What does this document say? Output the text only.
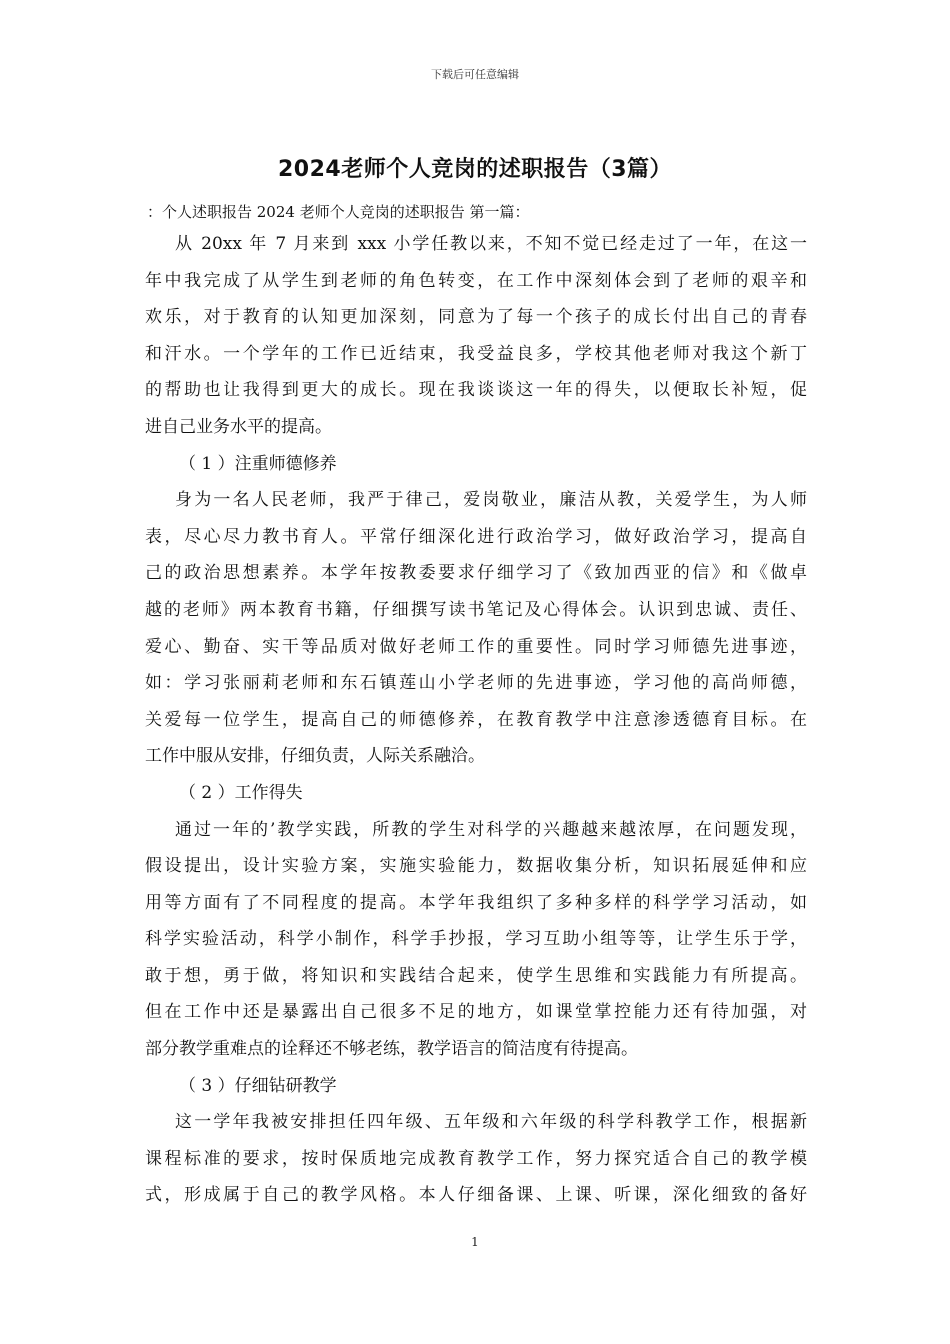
下载后可任意编辑
2024老师个人竞岗的述职报告（3篇）
：个人述职报告 2024 老师个人竞岗的述职报告 第一篇：
从 20xx 年 7 月来到 xxx 小学任教以来，不知不觉已经走过了一年，在这一
年中我完成了从学生到老师的角色转变，在工作中深刻体会到了老师的艰辛和
欢乐，对于教育的认知更加深刻，同意为了每一个孩子的成长付出自己的青春
和汗水。一个学年的工作已近结束，我受益良多，学校其他老师对我这个新丁
的帮助也让我得到更大的成长。现在我谈谈这一年的得失，以便取长补短，促
进自己业务水平的提高。
（ 1 ）注重师德修养
身为一名人民老师，我严于律己，爱岗敬业，廉洁从教，关爱学生，为人师
表，尽心尽力教书育人。平常仔细深化进行政治学习，做好政治学习，提高自
己的政治思想素养。本学年按教委要求仔细学习了《致加西亚的信》和《做卓
越的老师》两本教育书籍，仔细撰写读书笔记及心得体会。认识到忠诚、责任、
爱心、勤奋、实干等品质对做好老师工作的重要性。同时学习师德先进事迹，
如：学习张丽莉老师和东石镇莲山小学老师的先进事迹，学习他的高尚师德，
关爱每一位学生，提高自己的师德修养，在教育教学中注意渗透德育目标。在
工作中服从安排，仔细负责，人际关系融洽。
（ 2 ）工作得失
通过一年的’教学实践，所教的学生对科学的兴趣越来越浓厚，在问题发现，
假设提出，设计实验方案，实施实验能力，数据收集分析，知识拓展延伸和应
用等方面有了不同程度的提高。本学年我组织了多种多样的科学学习活动，如
科学实验活动，科学小制作，科学手抄报，学习互助小组等等，让学生乐于学，
敢于想，勇于做，将知识和实践结合起来，使学生思维和实践能力有所提高。
但在工作中还是暴露出自己很多不足的地方，如课堂掌控能力还有待加强，对
部分教学重难点的诠释还不够老练，教学语言的简洁度有待提高。
（ 3 ）仔细钻研教学
这一学年我被安排担任四年级、五年级和六年级的科学科教学工作，根据新
课程标准的要求，按时保质地完成教育教学工作，努力探究适合自己的教学模
式，形成属于自己的教学风格。本人仔细备课、上课、听课，深化细致的备好
1
